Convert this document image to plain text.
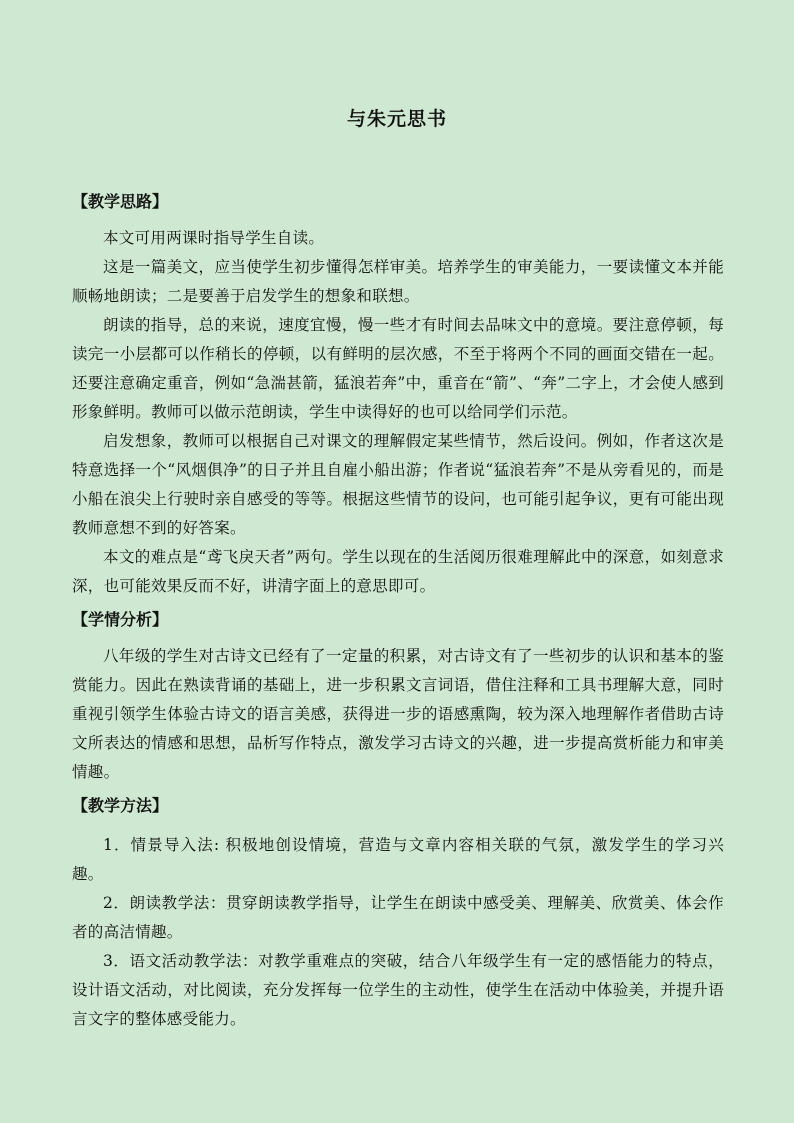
与朱元思书
【教学思路】

本文可用两课时指导学生自读。

这是一篇美文，应当使学生初步懂得怎样审美。培养学生的审美能力，一要读懂文本并能顺畅地朗读；二是要善于启发学生的想象和联想。

朗读的指导，总的来说，速度宜慢，慢一些才有时间去品味文中的意境。要注意停顿，每读完一小层都可以作稍长的停顿，以有鲜明的层次感，不至于将两个不同的画面交错在一起。还要注意确定重音，例如“急湍甚箭，猛浪若奔”中，重音在“箭”、“奔”二字上，才会使人感到形象鲜明。教师可以做示范朗读，学生中读得好的也可以给同学们示范。

启发想象，教师可以根据自己对课文的理解假定某些情节，然后设问。例如，作者这次是特意选择一个“风烟俱净”的日子并且自雇小船出游；作者说“猛浪若奔”不是从旁看见的，而是小船在浪尖上行驶时亲自感受的等等。根据这些情节的设问，也可能引起争议，更有可能出现教师意想不到的好答案。

本文的难点是“鸢飞戾天者”两句。学生以现在的生活阅历很难理解此中的深意，如刻意求深，也可能效果反而不好，讲清字面上的意思即可。

【学情分析】

八年级的学生对古诗文已经有了一定量的积累，对古诗文有了一些初步的认识和基本的鉴赏能力。因此在熟读背诵的基础上，进一步积累文言词语，借住注释和工具书理解大意，同时重视引领学生体验古诗文的语言美感，获得进一步的语感熏陶，较为深入地理解作者借助古诗文所表达的情感和思想，品析写作特点，激发学习古诗文的兴趣，进一步提高赏析能力和审美情趣。

【教学方法】

1．情景导入法: 积极地创设情境，营造与文章内容相关联的气氛，激发学生的学习兴趣。

2．朗读教学法：贯穿朗读教学指导，让学生在朗读中感受美、理解美、欣赏美、体会作者的高洁情趣。

3．语文活动教学法：对教学重难点的突破，结合八年级学生有一定的感悟能力的特点，设计语文活动，对比阅读，充分发挥每一位学生的主动性，使学生在活动中体验美，并提升语言文字的整体感受能力。
